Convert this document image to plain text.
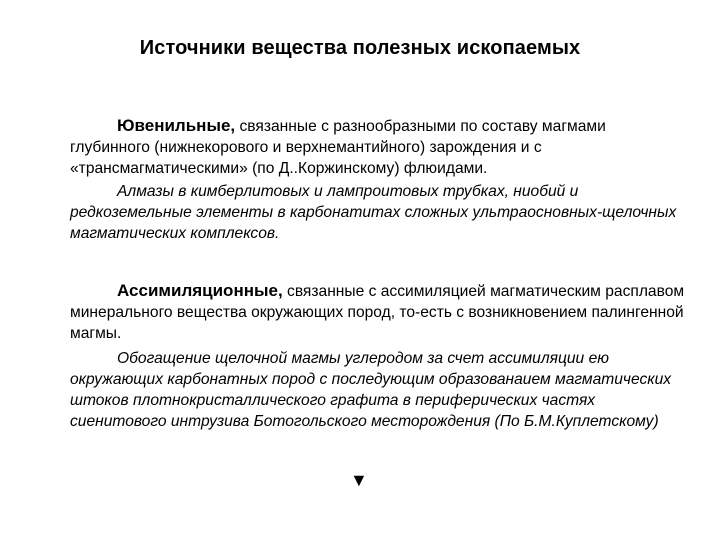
Источники вещества полезных ископаемых

Ювенильные, связанные с разнообразными по составу магмами глубинного (нижнекорового и верхнемантийного) зарождения и с «трансмагматическими» (по Д..Коржинскому) флюидами.

Алмазы в кимберлитовых и лампроитовых трубках, ниобий и редкоземельные элементы в карбонатитах сложных ультраосновных-щелочных магматических комплексов.

Ассимиляционные, связанные с ассимиляцией магматическим расплавом минерального вещества окружающих пород, то-есть с возникновением палингенной магмы.

Обогащение щелочной магмы углеродом за счет ассимиляции ею окружающих карбонатных пород с последующим образованаием магматических штоков плотнокристаллического графита в периферических частях сиенитового интрузива Ботогольского месторождения (По Б.М.Куплетскому)

▼
